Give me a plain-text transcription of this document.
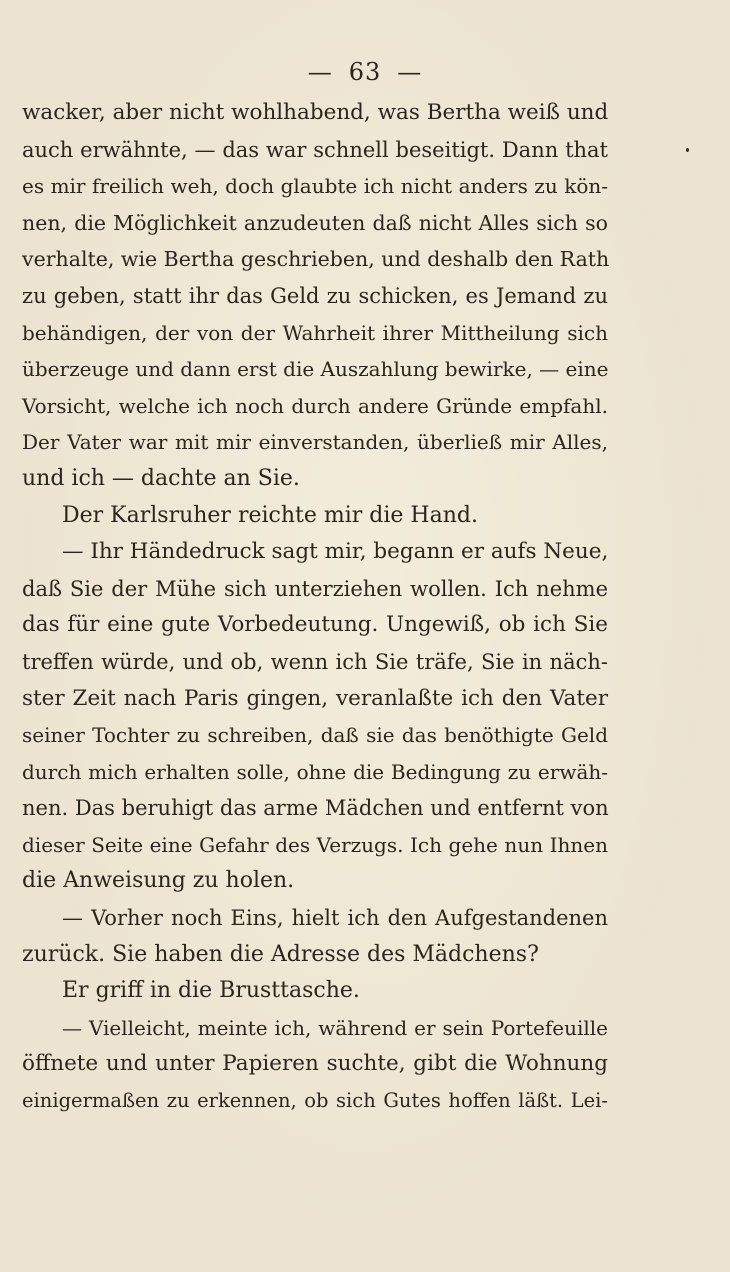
— 63 —
wacker, aber nicht wohlhabend, was Bertha weiß und
auch erwähnte, — das war schnell beseitigt. Dann that
es mir freilich weh, doch glaubte ich nicht anders zu kön-
nen, die Möglichkeit anzudeuten daß nicht Alles sich so
verhalte, wie Bertha geschrieben, und deshalb den Rath
zu geben, statt ihr das Geld zu schicken, es Jemand zu
behändigen, der von der Wahrheit ihrer Mittheilung sich
überzeuge und dann erst die Auszahlung bewirke, — eine
Vorsicht, welche ich noch durch andere Gründe empfahl.
Der Vater war mit mir einverstanden, überließ mir Alles,
und ich — dachte an Sie.
Der Karlsruher reichte mir die Hand.
— Ihr Händedruck sagt mir, begann er aufs Neue,
daß Sie der Mühe sich unterziehen wollen. Ich nehme
das für eine gute Vorbedeutung. Ungewiß, ob ich Sie
treffen würde, und ob, wenn ich Sie träfe, Sie in näch-
ster Zeit nach Paris gingen, veranlaßte ich den Vater
seiner Tochter zu schreiben, daß sie das benöthigte Geld
durch mich erhalten solle, ohne die Bedingung zu erwäh-
nen. Das beruhigt das arme Mädchen und entfernt von
dieser Seite eine Gefahr des Verzugs. Ich gehe nun Ihnen
die Anweisung zu holen.
— Vorher noch Eins, hielt ich den Aufgestandenen
zurück. Sie haben die Adresse des Mädchens?
Er griff in die Brusttasche.
— Vielleicht, meinte ich, während er sein Portefeuille
öffnete und unter Papieren suchte, gibt die Wohnung
einigermaßen zu erkennen, ob sich Gutes hoffen läßt. Lei-
